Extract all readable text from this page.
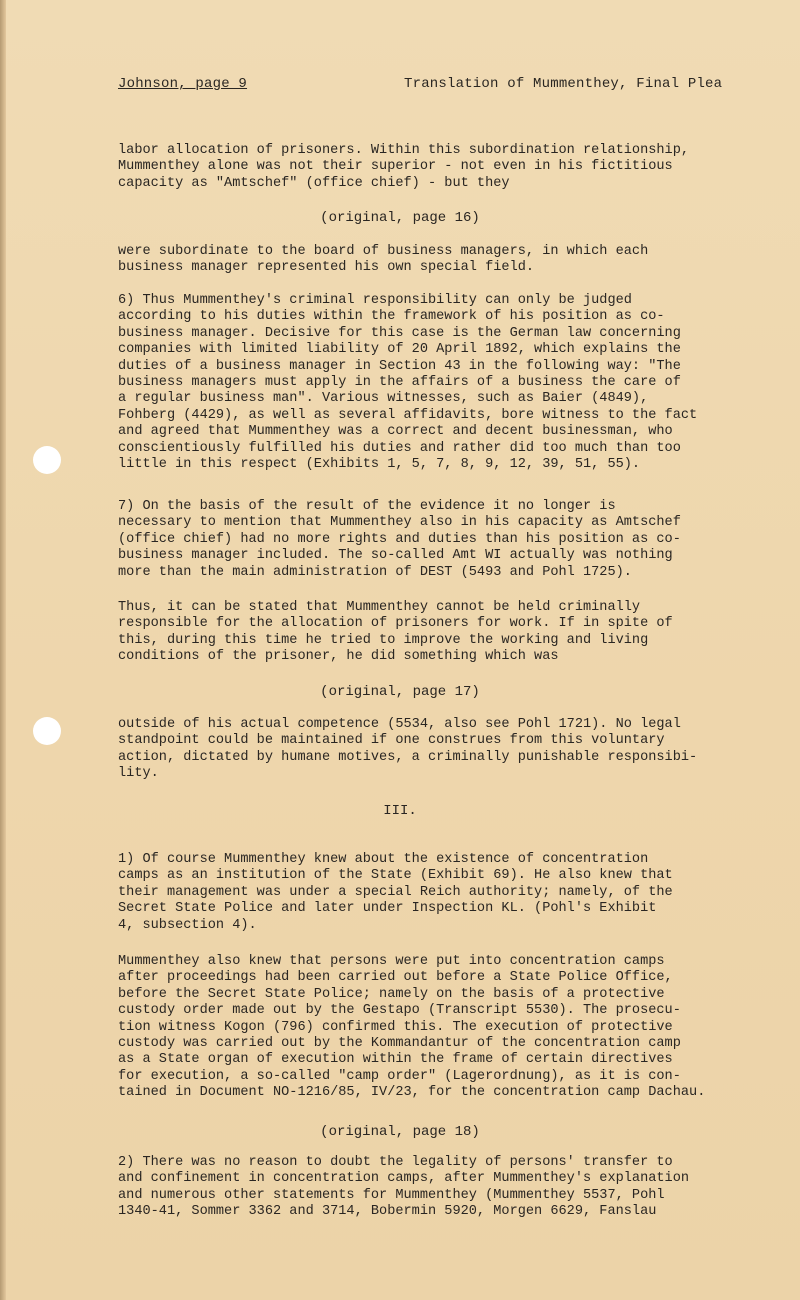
Johnson, page 9	Translation of Mummenthey, Final Plea
labor allocation of prisoners. Within this subordination relationship,
Mummenthey alone was not their superior - not even in his fictitious
capacity as "Amtschef" (office chief) - but they
(original, page 16)
were subordinate to the board of business managers, in which each
business manager represented his own special field.
6) Thus Mummenthey's criminal responsibility can only be judged
according to his duties within the framework of his position as co-
business manager. Decisive for this case is the German law concerning
companies with limited liability of 20 April 1892, which explains the
duties of a business manager in Section 43 in the following way: "The
business managers must apply in the affairs of a business the care of
a regular business man". Various witnesses, such as Baier (4849),
Fohberg (4429), as well as several affidavits, bore witness to the fact
and agreed that Mummenthey was a correct and decent businessman, who
conscientiously fulfilled his duties and rather did too much than too
little in this respect (Exhibits 1, 5, 7, 8, 9, 12, 39, 51, 55).
7) On the basis of the result of the evidence it no longer is
necessary to mention that Mummenthey also in his capacity as Amtschef
(office chief) had no more rights and duties than his position as co-
business manager included. The so-called Amt WI actually was nothing
more than the main administration of DEST (5493 and Pohl 1725).
Thus, it can be stated that Mummenthey cannot be held criminally
responsible for the allocation of prisoners for work. If in spite of
this, during this time he tried to improve the working and living
conditions of the prisoner, he did something which was
(original, page 17)
outside of his actual competence (5534, also see Pohl 1721). No legal
standpoint could be maintained if one construes from this voluntary
action, dictated by humane motives, a criminally punishable responsibi-
lity.
III.
1) Of course Mummenthey knew about the existence of concentration
camps as an institution of the State (Exhibit 69). He also knew that
their management was under a special Reich authority; namely, of the
Secret State Police and later under Inspection KL. (Pohl's Exhibit
4, subsection 4).
Mummenthey also knew that persons were put into concentration camps
after proceedings had been carried out before a State Police Office,
before the Secret State Police; namely on the basis of a protective
custody order made out by the Gestapo (Transcript 5530). The prosecu-
tion witness Kogon (796) confirmed this. The execution of protective
custody was carried out by the Kommandantur of the concentration camp
as a State organ of execution within the frame of certain directives
for execution, a so-called "camp order" (Lagerordnung), as it is con-
tained in Document NO-1216/85, IV/23, for the concentration camp Dachau.
(original, page 18)
2) There was no reason to doubt the legality of persons' transfer to
and confinement in concentration camps, after Mummenthey's explanation
and numerous other statements for Mummenthey (Mummenthey 5537, Pohl
1340-41, Sommer 3362 and 3714, Bobermin 5920, Morgen 6629, Fanslau
